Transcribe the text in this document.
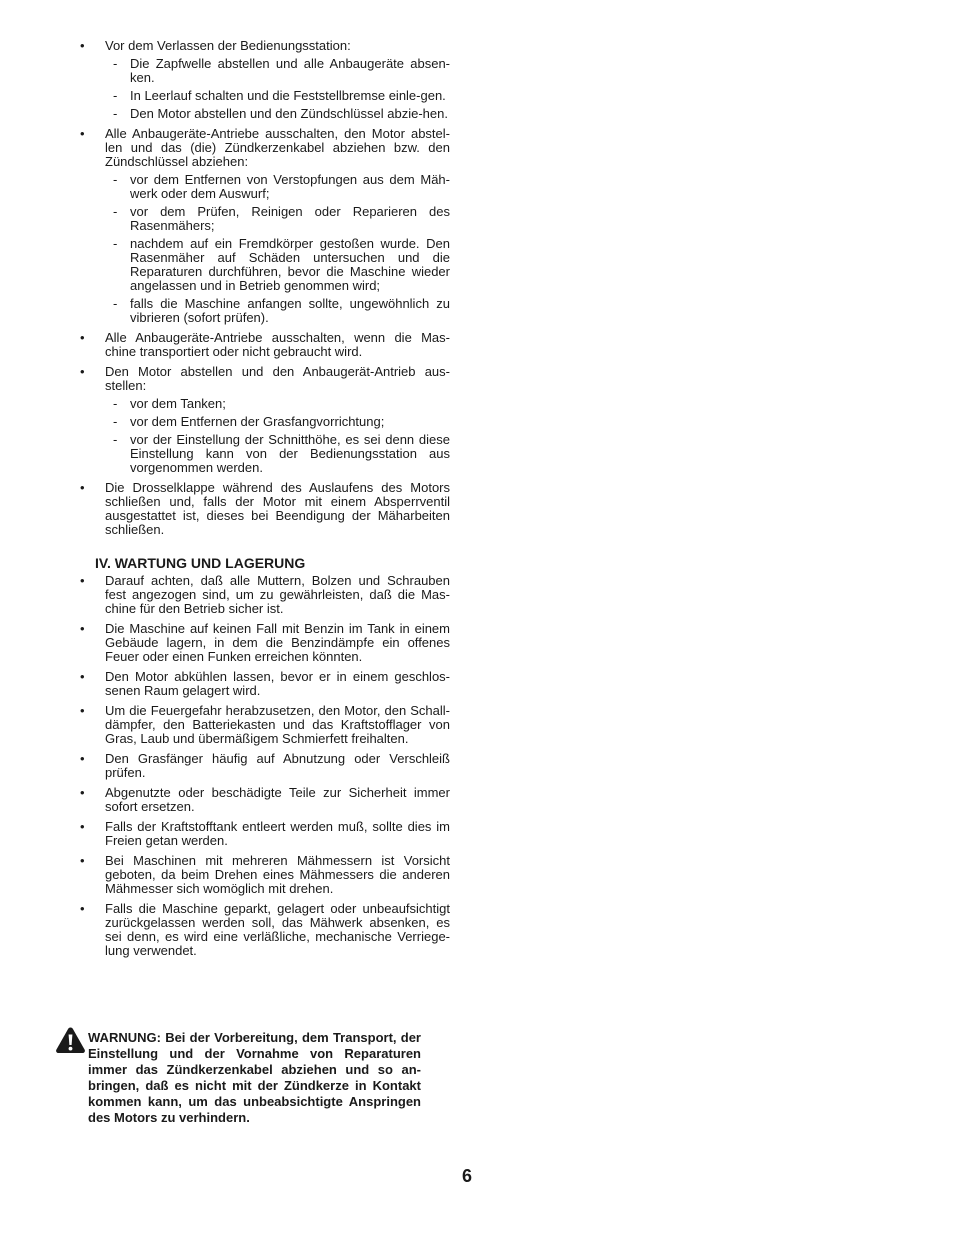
• Vor dem Verlassen der Bedienungsstation:
- Die Zapfwelle abstellen und alle Anbaugeräte absen-ken.
- In Leerlauf schalten und die Feststellbremse einle-gen.
- Den Motor abstellen und den Zündschlüssel abzie-hen.
• Alle Anbaugeräte-Antriebe ausschalten, den Motor abstel-len und das (die) Zündkerzenkabel abziehen bzw. den Zündschlüssel abziehen:
- vor dem Entfernen von Verstopfungen aus dem Mäh-werk oder dem Auswurf;
- vor dem Prüfen, Reinigen oder Reparieren des Rasenmähers;
- nachdem auf ein Fremdkörper gestoßen wurde. Den Rasenmäher auf Schäden untersuchen und die Reparaturen durchführen, bevor die Maschine wieder angelassen und in Betrieb genommen wird;
- falls die Maschine anfangen sollte, ungewöhnlich zu vibrieren (sofort prüfen).
• Alle Anbaugeräte-Antriebe ausschalten, wenn die Mas-chine transportiert oder nicht gebraucht wird.
• Den Motor abstellen und den Anbaugerät-Antrieb aus-stellen:
- vor dem Tanken;
- vor dem Entfernen der Grasfangvorrichtung;
- vor der Einstellung der Schnitthöhe, es sei denn diese Einstellung kann von der Bedienungsstation aus vorgenommen werden.
• Die Drosselklappe während des Auslaufens des Motors schließen und, falls der Motor mit einem Absperrventil ausgestattet ist, dieses bei Beendigung der Mäharbeiten schließen.
IV. WARTUNG UND LAGERUNG
• Darauf achten, daß alle Muttern, Bolzen und Schrauben fest angezogen sind, um zu gewährleisten, daß die Mas-chine für den Betrieb sicher ist.
• Die Maschine auf keinen Fall mit Benzin im Tank in einem Gebäude lagern, in dem die Benzindämpfe ein offenes Feuer oder einen Funken erreichen könnten.
• Den Motor abkühlen lassen, bevor er in einem geschlos-senen Raum gelagert wird.
• Um die Feuergefahr herabzusetzen, den Motor, den Schall-dämpfer, den Batteriekasten und das Kraftstofflager von Gras, Laub und übermäßigem Schmierfett freihalten.
• Den Grasfänger häufig auf Abnutzung oder Verschleiß prüfen.
• Abgenutzte oder beschädigte Teile zur Sicherheit immer sofort ersetzen.
• Falls der Kraftstofftank entleert werden muß, sollte dies im Freien getan werden.
• Bei Maschinen mit mehreren Mähmessern ist Vorsicht geboten, da beim Drehen eines Mähmessers die anderen Mähmesser sich womöglich mit drehen.
• Falls die Maschine geparkt, gelagert oder unbeaufsichtigt zurückgelassen werden soll, das Mähwerk absenken, es sei denn, es wird eine verläßliche, mechanische Verriege-lung verwendet.
WARNUNG: Bei der Vorbereitung, dem Transport, der Einstellung und der Vornahme von Reparaturen immer das Zündkerzenkabel abziehen und so an-bringen, daß es nicht mit der Zündkerze in Kontakt kommen kann, um das unbeabsichtigte Anspringen des Motors zu verhindern.
6
